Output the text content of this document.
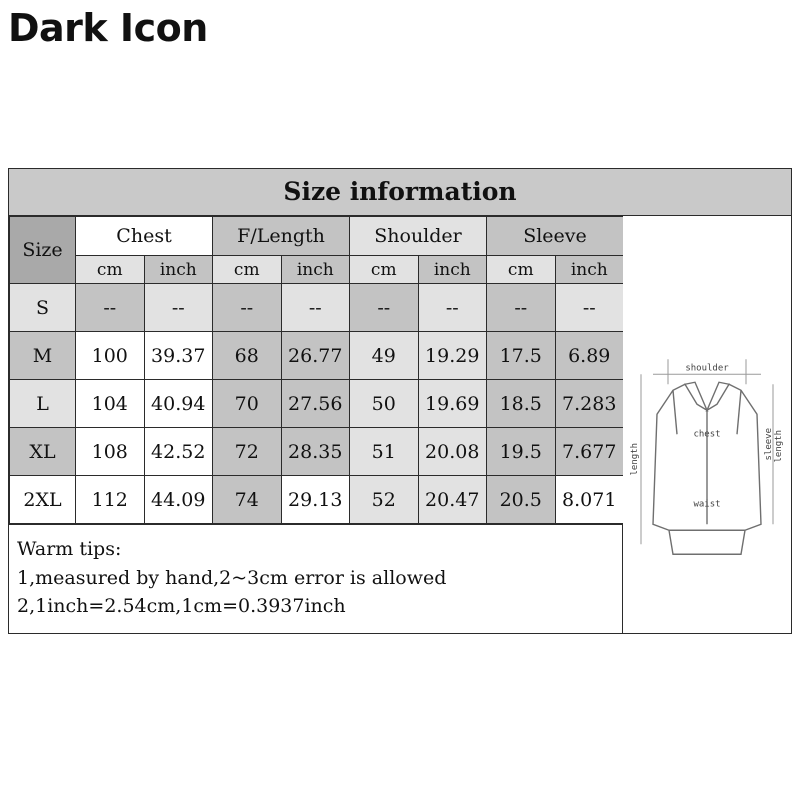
Dark Icon
Size information
Size	Chest		F/Length		Shoulder		Sleeve	
	cm	inch	cm	inch	cm	inch	cm	inch
S	--	--	--	--	--	--	--	--
M	100	39.37	68	26.77	49	19.29	17.5	6.89
L	104	40.94	70	27.56	50	19.69	18.5	7.283
XL	108	42.52	72	28.35	51	20.08	19.5	7.677
2XL	112	44.09	74	29.13	52	20.47	20.5	8.071
Warm tips:
1,measured by hand,2~3cm error is allowed
2,1inch=2.54cm,1cm=0.3937inch
shoulder
chest
waist
length	sleeve length
